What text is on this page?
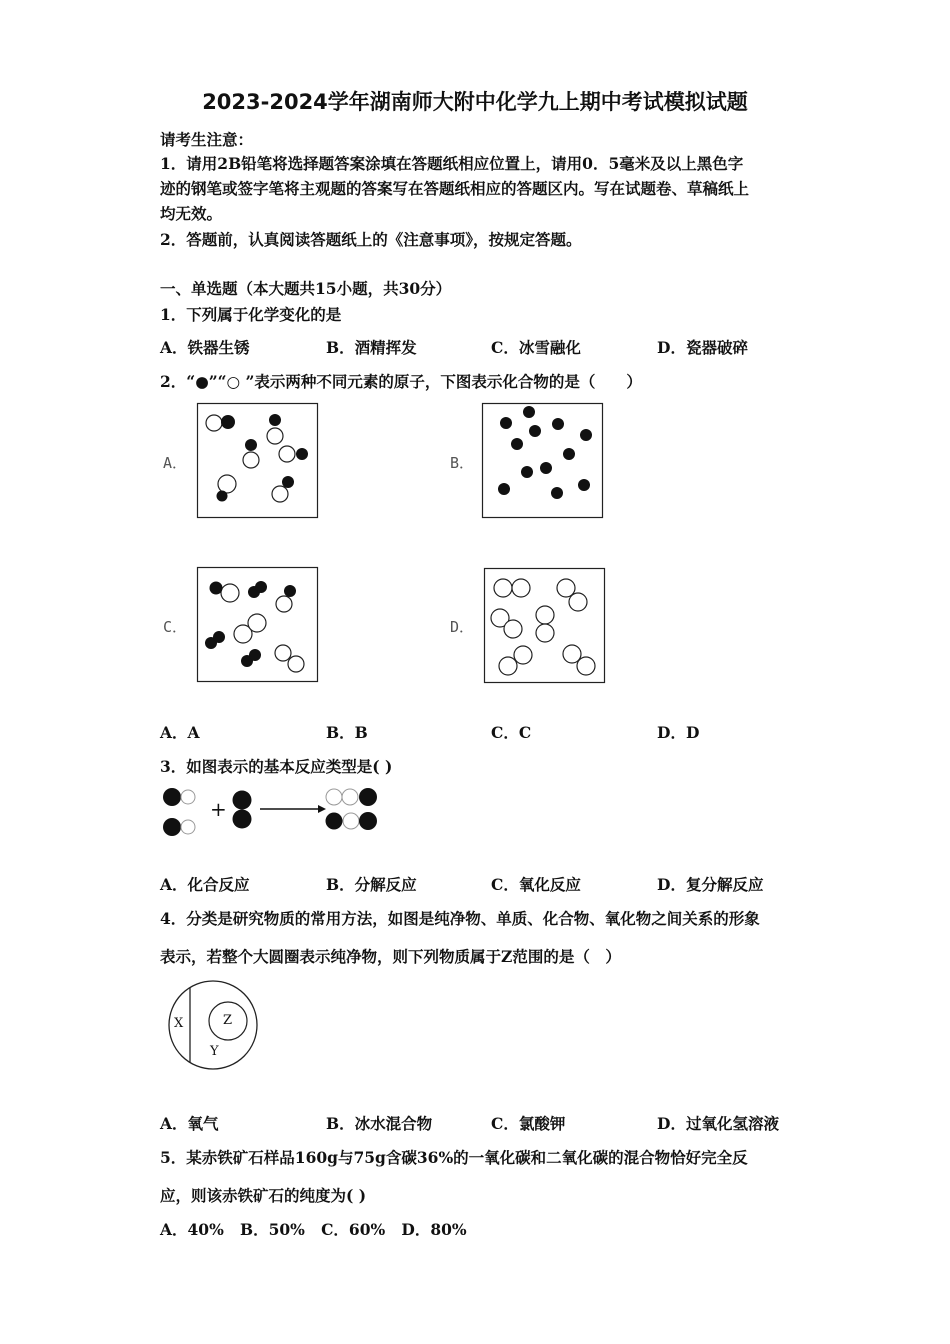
2023-2024学年湖南师大附中化学九上期中考试模拟试题
请考生注意：
1．请用2B铅笔将选择题答案涂填在答题纸相应位置上，请用0．5毫米及以上黑色字
迹的钢笔或签字笔将主观题的答案写在答题纸相应的答题区内。写在试题卷、草稿纸上
均无效。
2．答题前，认真阅读答题纸上的《注意事项》，按规定答题。
一、单选题（本大题共15小题，共30分）
1．下列属于化学变化的是
A．铁器生锈	B．酒精挥发	C．冰雪融化	D．瓷器破碎
2．“●”“○ ”表示两种不同元素的原子，下图表示化合物的是（　　）
A．	B．
C．	D．
A．A	B．B	C．C	D．D
3．如图表示的基本反应类型是( )
+
A．化合反应	B．分解反应	C．氧化反应	D．复分解反应
4．分类是研究物质的常用方法，如图是纯净物、单质、化合物、氧化物之间关系的形象
表示，若整个大圆圈表示纯净物，则下列物质属于Z范围的是（　）
X
Y
Z
A．氧气	B．冰水混合物	C．氯酸钾	D．过氧化氢溶液
5．某赤铁矿石样品160g与75g含碳36%的一氧化碳和二氧化碳的混合物恰好完全反
应，则该赤铁矿石的纯度为( )
A．40%   B．50%   C．60%   D．80%
